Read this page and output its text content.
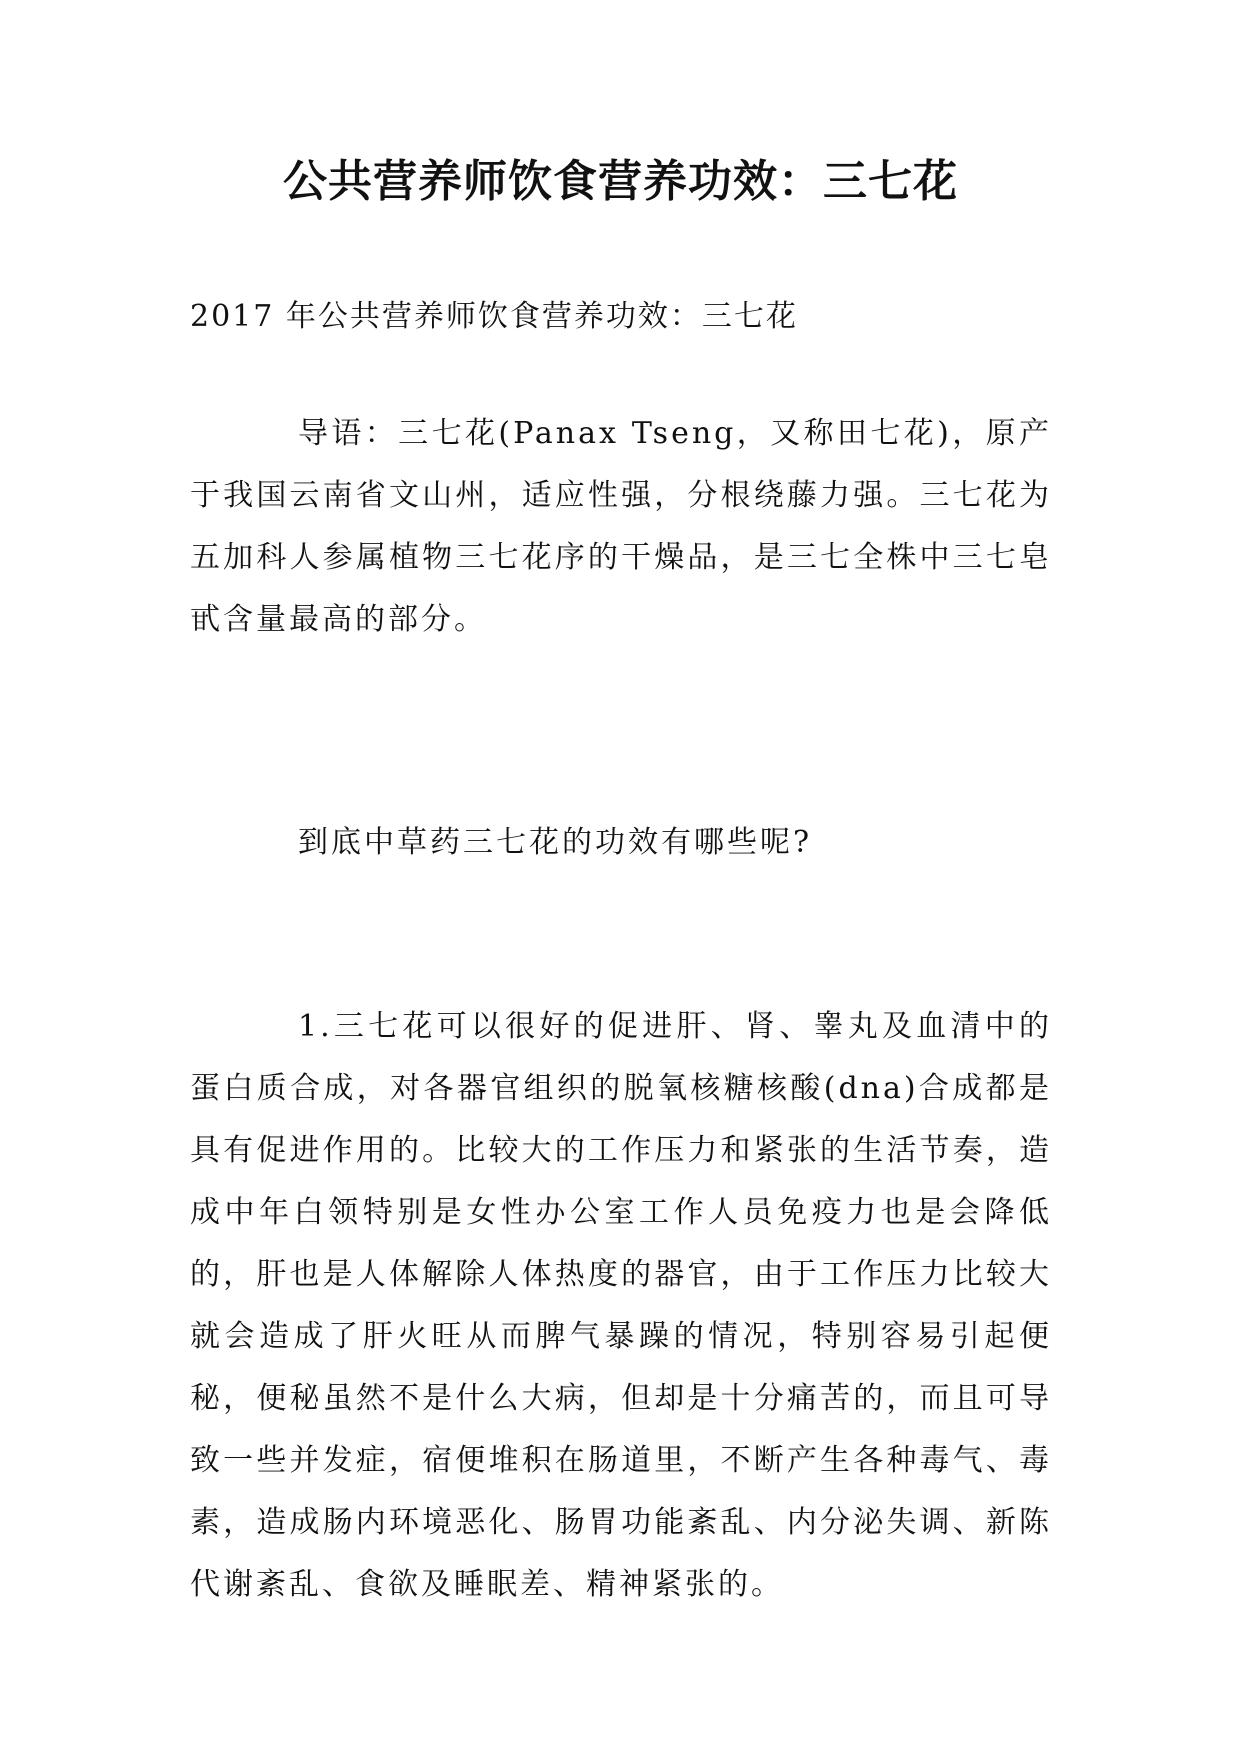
公共营养师饮食营养功效：三七花

2017 年公共营养师饮食营养功效：三七花

导语：三七花(Panax Tseng，又称田七花)，原产于我国云南省文山州，适应性强，分根绕藤力强。三七花为五加科人参属植物三七花序的干燥品，是三七全株中三七皂甙含量最高的部分。

到底中草药三七花的功效有哪些呢?

1.三七花可以很好的促进肝、肾、睾丸及血清中的蛋白质合成，对各器官组织的脱氧核糖核酸(dna)合成都是具有促进作用的。比较大的工作压力和紧张的生活节奏，造成中年白领特别是女性办公室工作人员免疫力也是会降低的，肝也是人体解除人体热度的器官，由于工作压力比较大就会造成了肝火旺从而脾气暴躁的情况，特别容易引起便秘，便秘虽然不是什么大病，但却是十分痛苦的，而且可导致一些并发症，宿便堆积在肠道里，不断产生各种毒气、毒素，造成肠内环境恶化、肠胃功能紊乱、内分泌失调、新陈代谢紊乱、食欲及睡眠差、精神紧张的。
